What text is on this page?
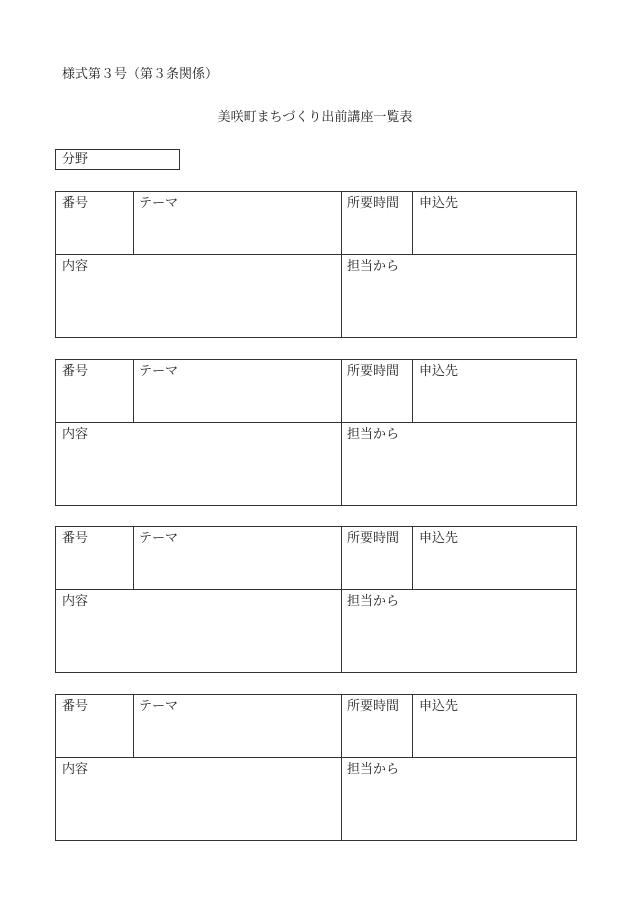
様式第３号（第３条関係）
美咲町まちづくり出前講座一覧表
分野
番号	テーマ	所要時間 申込先
内容	担当から
番号	テーマ	所要時間 申込先
内容	担当から
番号	テーマ	所要時間 申込先
内容	担当から
番号	テーマ	所要時間 申込先
内容	担当から
